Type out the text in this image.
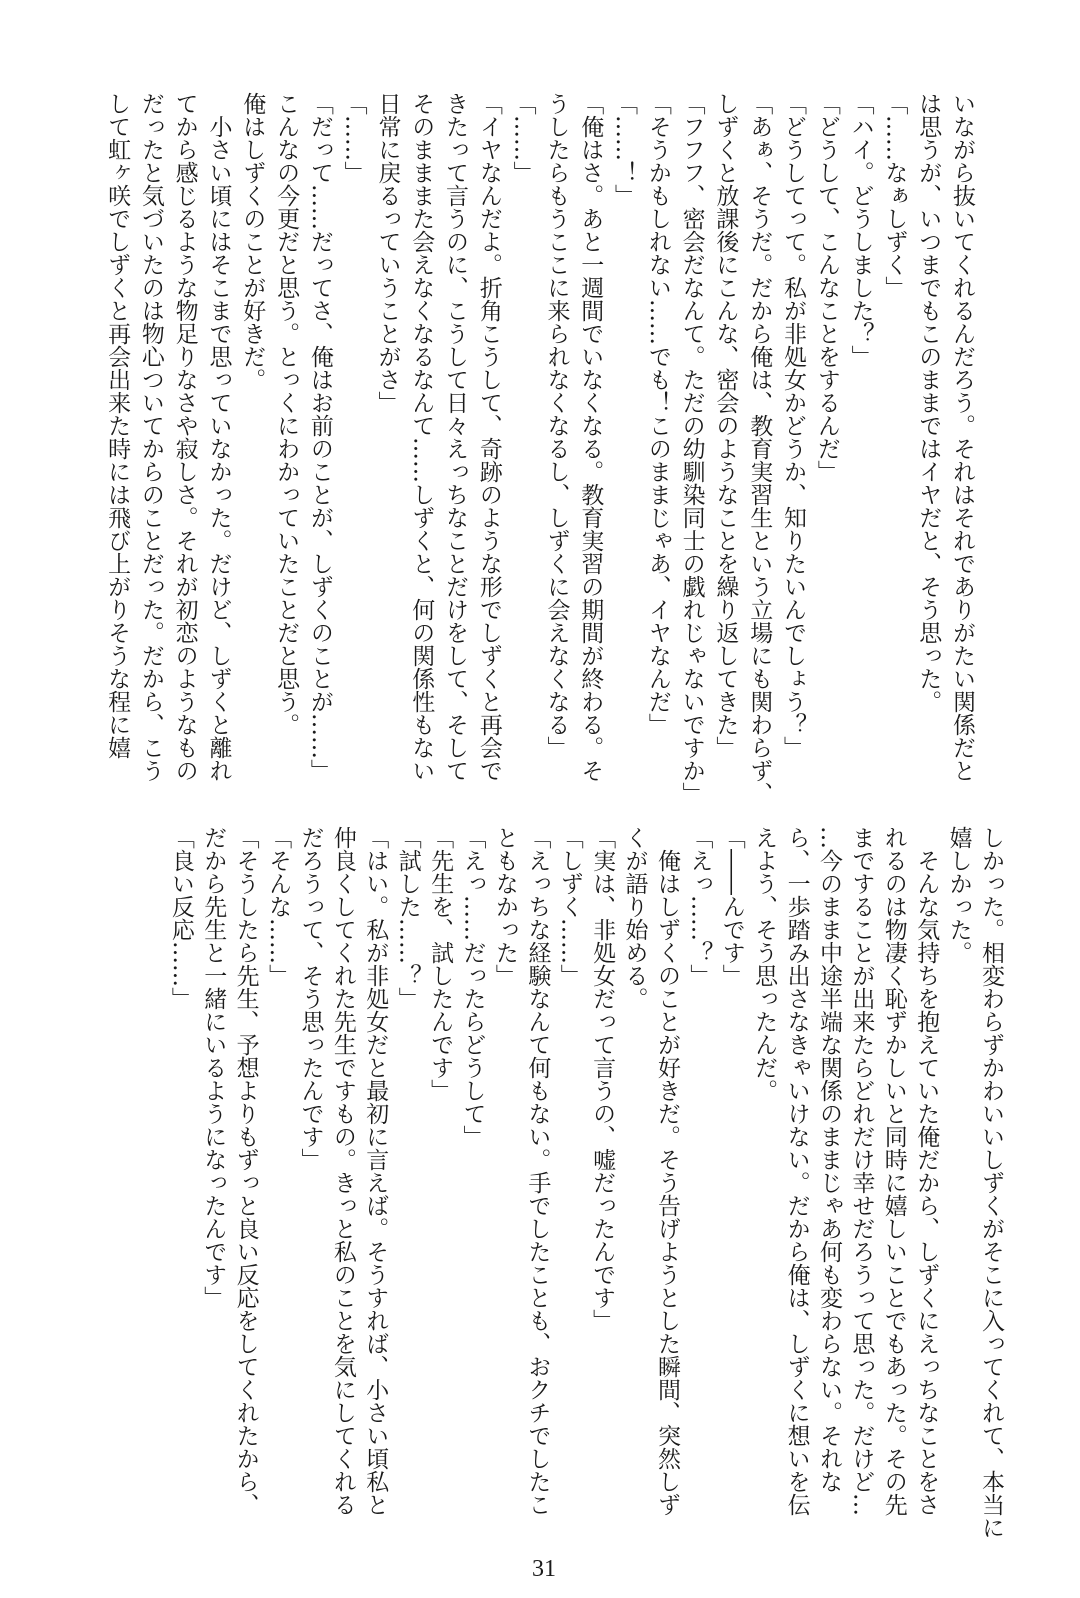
いながら抜いてくれるんだろう。それはそれでありがたい関係だと
は思うが、いつまでもこのままではイヤだと、そう思った。
「……なぁしずく」
「ハイ。どうしました？」
「どうして、こんなことをするんだ」
「どうしてって。私が非処女かどうか、知りたいんでしょう？」
「あぁ、そうだ。だから俺は、教育実習生という立場にも関わらず、
しずくと放課後にこんな、密会のようなことを繰り返してきた」
「フフフ、密会だなんて。ただの幼馴染同士の戯れじゃないですか」
「そうかもしれない……でも！このままじゃあ、イヤなんだ」
「……！」
「俺はさ。あと一週間でいなくなる。教育実習の期間が終わる。そ
うしたらもうここに来られなくなるし、しずくに会えなくなる」
「……」
「イヤなんだよ。折角こうして、奇跡のような形でしずくと再会で
きたって言うのに、こうして日々えっちなことだけをして、そして
そのまままた会えなくなるなんて……しずくと、何の関係性もない
日常に戻るっていうことがさ」
「……」
「だって……だってさ、俺はお前のことが、しずくのことが……」
こんなの今更だと思う。とっくにわかっていたことだと思う。
俺はしずくのことが好きだ。
　小さい頃にはそこまで思っていなかった。だけど、しずくと離れ
てから感じるような物足りなさや寂しさ。それが初恋のようなもの
だったと気づいたのは物心ついてからのことだった。だから、こう
して虹ヶ咲でしずくと再会出来た時には飛び上がりそうな程に嬉
しかった。相変わらずかわいいしずくがそこに入ってくれて、本当に
嬉しかった。
　そんな気持ちを抱えていた俺だから、しずくにえっちなことをさ
れるのは物凄く恥ずかしいと同時に嬉しいことでもあった。その先
まですることが出来たらどれだけ幸せだろうって思った。だけど…
…今のまま中途半端な関係のままじゃあ何も変わらない。それな
ら、一歩踏み出さなきゃいけない。だから俺は、しずくに想いを伝
えよう、そう思ったんだ。
「――んです」
「えっ……？」
　俺はしずくのことが好きだ。そう告げようとした瞬間、突然しず
くが語り始める。
「実は、非処女だって言うの、嘘だったんです」
「しずく……」
「えっちな経験なんて何もない。手でしたことも、おクチでしたこ
ともなかった」
「えっ……だったらどうして」
「先生を、試したんです」
「試した……？」
「はい。私が非処女だと最初に言えば。そうすれば、小さい頃私と
仲良くしてくれた先生ですもの。きっと私のことを気にしてくれる
だろうって、そう思ったんです」
「そんな……」
「そうしたら先生、予想よりもずっと良い反応をしてくれたから、
だから先生と一緒にいるようになったんです」
「良い反応……」
31
